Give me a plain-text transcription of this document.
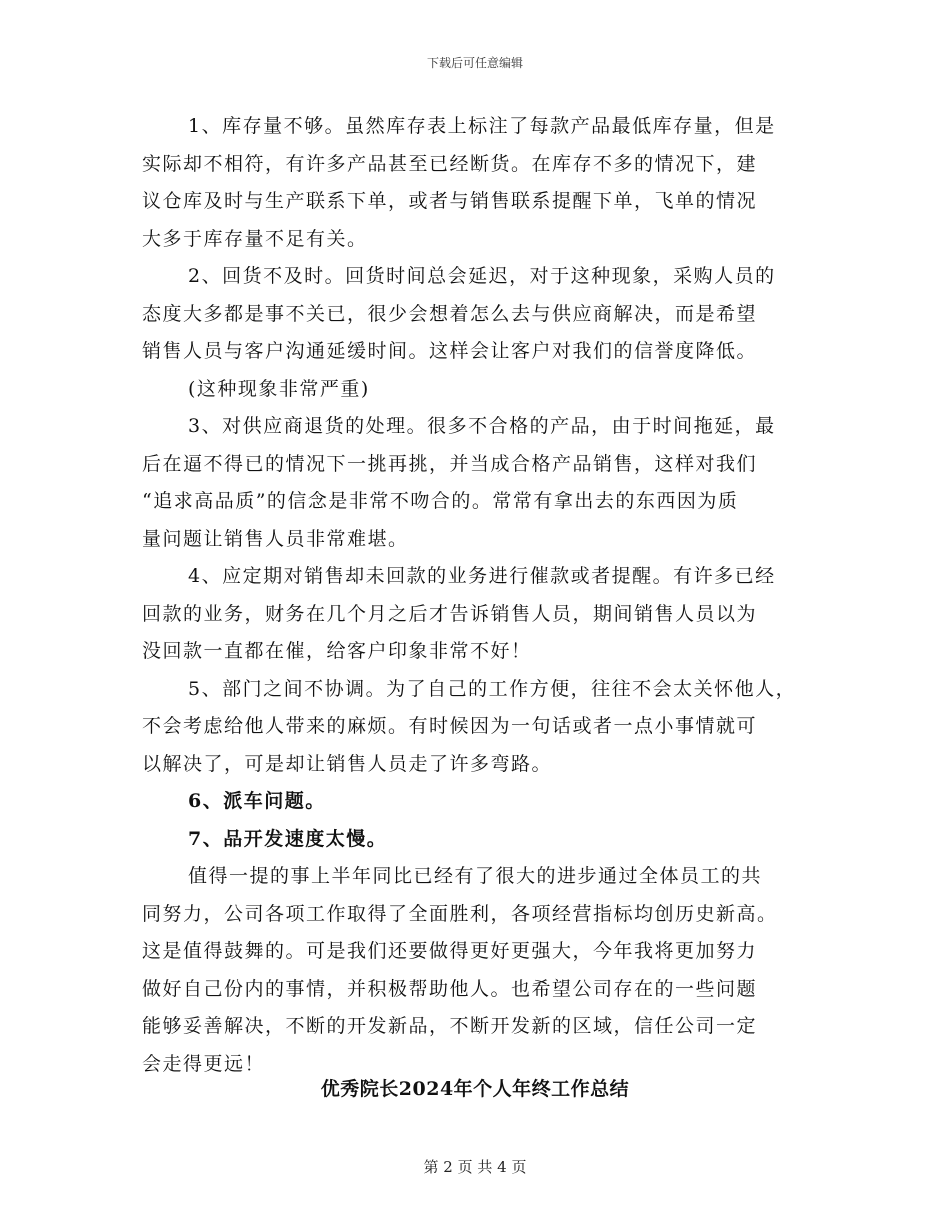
下载后可任意编辑
1、库存量不够。虽然库存表上标注了每款产品最低库存量，但是
实际却不相符，有许多产品甚至已经断货。在库存不多的情况下，建
议仓库及时与生产联系下单，或者与销售联系提醒下单，飞单的情况
大多于库存量不足有关。
2、回货不及时。回货时间总会延迟，对于这种现象，采购人员的
态度大多都是事不关已，很少会想着怎么去与供应商解决，而是希望
销售人员与客户沟通延缓时间。这样会让客户对我们的信誉度降低。
(这种现象非常严重)
3、对供应商退货的处理。很多不合格的产品，由于时间拖延，最
后在逼不得已的情况下一挑再挑，并当成合格产品销售，这样对我们
“追求高品质”的信念是非常不吻合的。常常有拿出去的东西因为质
量问题让销售人员非常难堪。
4、应定期对销售却未回款的业务进行催款或者提醒。有许多已经
回款的业务，财务在几个月之后才告诉销售人员，期间销售人员以为
没回款一直都在催，给客户印象非常不好！
5、部门之间不协调。为了自己的工作方便，往往不会太关怀他人，
不会考虑给他人带来的麻烦。有时候因为一句话或者一点小事情就可
以解决了，可是却让销售人员走了许多弯路。
6、派车问题。
7、品开发速度太慢。
值得一提的事上半年同比已经有了很大的进步通过全体员工的共
同努力，公司各项工作取得了全面胜利，各项经营指标均创历史新高。
这是值得鼓舞的。可是我们还要做得更好更强大，今年我将更加努力
做好自己份内的事情，并积极帮助他人。也希望公司存在的一些问题
能够妥善解决，不断的开发新品，不断开发新的区域，信任公司一定
会走得更远！
优秀院长2024年个人年终工作总结
第 2 页 共 4 页
